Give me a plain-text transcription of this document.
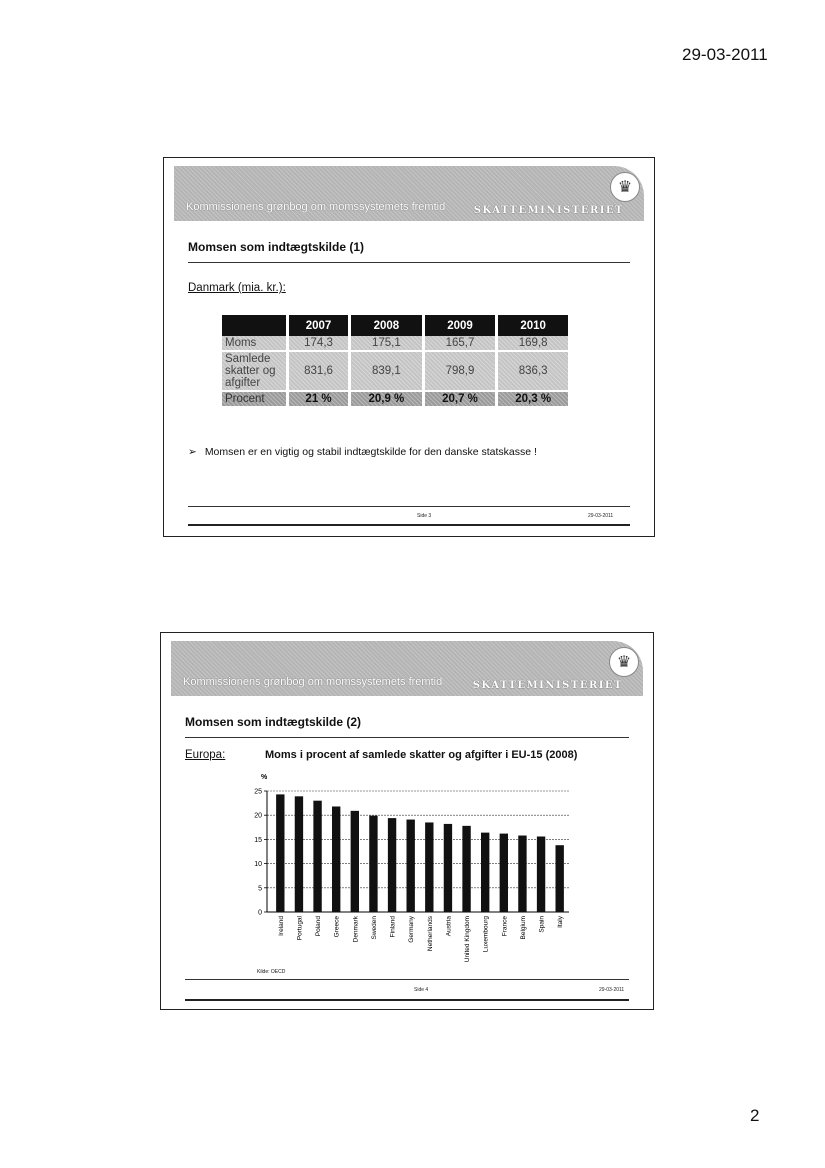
29-03-2011
Kommissionens grønbog om momssystemets fremtid	SKATTEMINISTERIET
♛
Momsen som indtægtskilde (1)
Danmark (mia. kr.):
	2007	2008	2009	2010
Moms	174,3	175,1	165,7	169,8
Samlede skatter og afgifter	831,6	839,1	798,9	836,3
Procent	21 %	20,9 %	20,7 %	20,3 %
➢ Momsen er en vigtig og stabil indtægtskilde for den danske statskasse !
Side 3	29-03-2011
Kommissionens grønbog om momssystemets fremtid	SKATTEMINISTERIET
♛
Momsen som indtægtskilde (2)
Europa:	Moms i procent af samlede skatter og afgifter i EU-15 (2008)
%
0
5
10
15
20
25
Ireland Portugal Poland Greece Denmark Sweden Finland Germany Netherlands Austria United Kingdom Luxembourg France Belgium Spain Italy
Kilde: OECD
Side 4	29-03-2011
2
